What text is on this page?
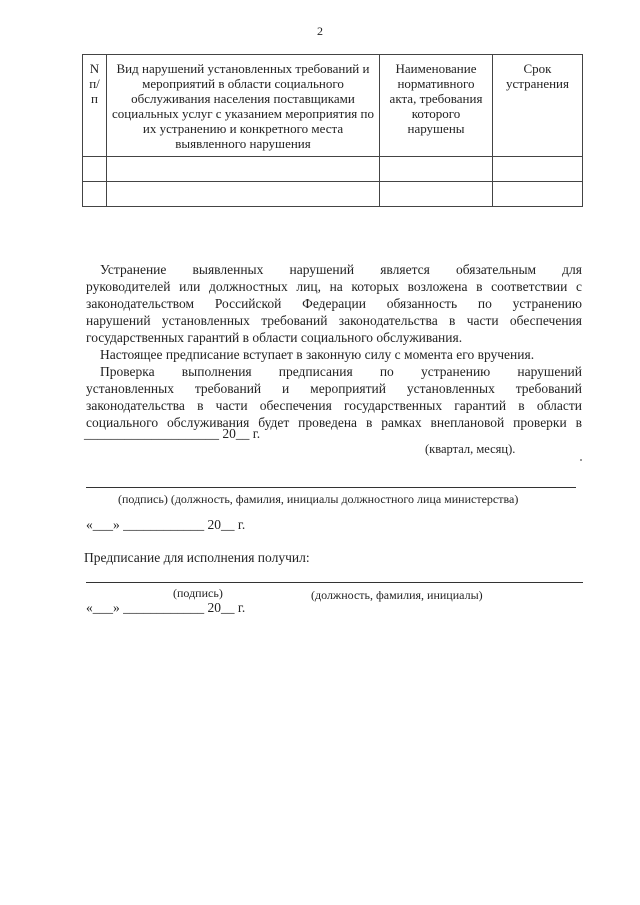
2
N п/п	Вид нарушений установленных требований и мероприятий в области социального обслуживания населения поставщиками социальных услуг с указанием мероприятия по их устранению и конкретного места выявленного нарушения	Наименование нормативного акта, требования которого нарушены	Срок устранения

Устранение выявленных нарушений является обязательным для
руководителей или должностных лиц, на которых возложена в соответствии с
законодательством Российской Федерации обязанность по устранению
нарушений установленных требований законодательства в части обеспечения
государственных гарантий в области социального обслуживания.
Настоящее предписание вступает в законную силу с момента его вручения.
Проверка выполнения предписания по устранению нарушений
установленных требований и мероприятий установленных требований
законодательства в части обеспечения государственных гарантий в области
социального обслуживания будет проведена в рамках внеплановой проверки в
____________________ 20__ г.
(квартал, месяц).
(подпись) (должность, фамилия, инициалы должностного лица министерства)
«___» ____________ 20__ г.
Предписание для исполнения получил:
(подпись)	(должность, фамилия, инициалы)
«___» ____________ 20__ г.
